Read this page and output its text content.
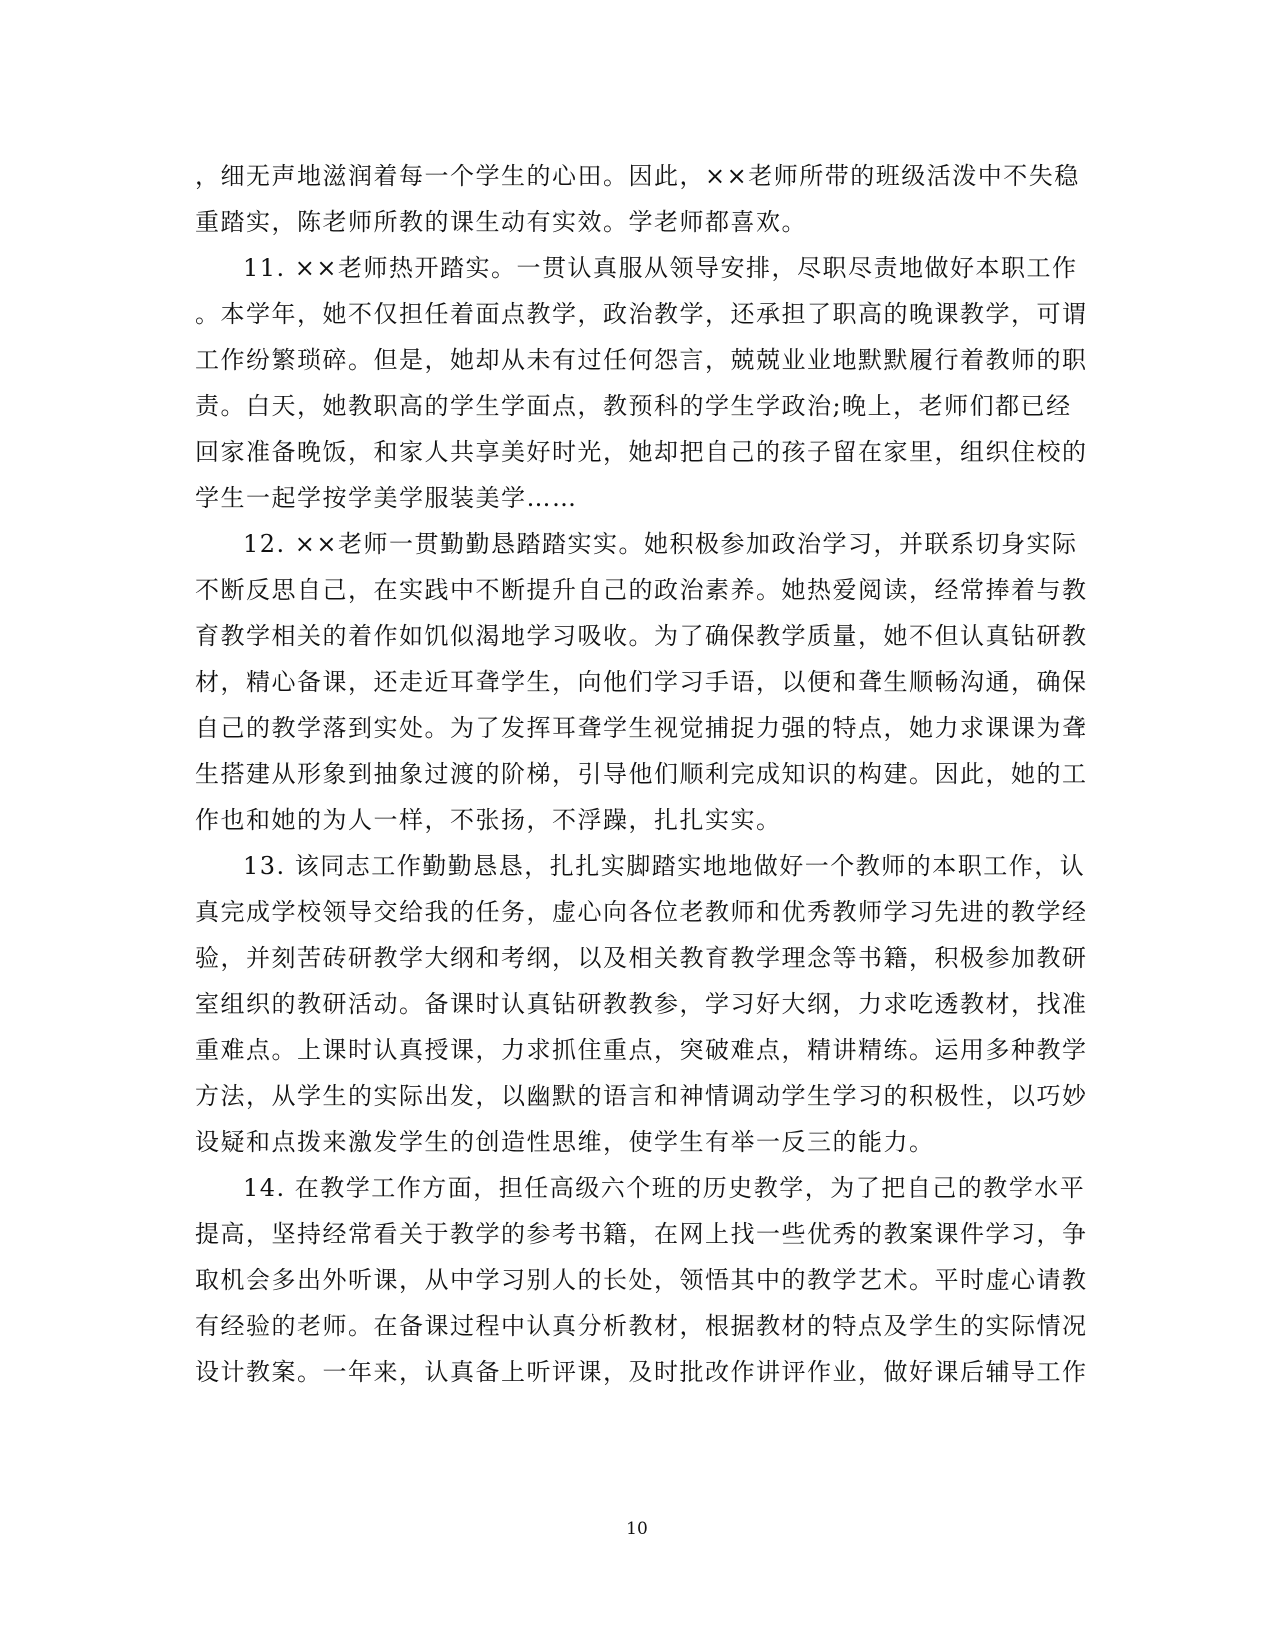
，细无声地滋润着每一个学生的心田。因此，××老师所带的班级活泼中不失稳
重踏实，陈老师所教的课生动有实效。学老师都喜欢。
11. ××老师热开踏实。一贯认真服从领导安排，尽职尽责地做好本职工作
。本学年，她不仅担任着面点教学，政治教学，还承担了职高的晚课教学，可谓
工作纷繁琐碎。但是，她却从未有过任何怨言，兢兢业业地默默履行着教师的职
责。白天，她教职高的学生学面点，教预科的学生学政治;晚上，老师们都已经
回家准备晚饭，和家人共享美好时光，她却把自己的孩子留在家里，组织住校的
学生一起学按学美学服装美学……
12. ××老师一贯勤勤恳踏踏实实。她积极参加政治学习，并联系切身实际
不断反思自己，在实践中不断提升自己的政治素养。她热爱阅读，经常捧着与教
育教学相关的着作如饥似渴地学习吸收。为了确保教学质量，她不但认真钻研教
材，精心备课，还走近耳聋学生，向他们学习手语，以便和聋生顺畅沟通，确保
自己的教学落到实处。为了发挥耳聋学生视觉捕捉力强的特点，她力求课课为聋
生搭建从形象到抽象过渡的阶梯，引导他们顺利完成知识的构建。因此，她的工
作也和她的为人一样，不张扬，不浮躁，扎扎实实。
13. 该同志工作勤勤恳恳，扎扎实脚踏实地地做好一个教师的本职工作，认
真完成学校领导交给我的任务，虚心向各位老教师和优秀教师学习先进的教学经
验，并刻苦砖研教学大纲和考纲，以及相关教育教学理念等书籍，积极参加教研
室组织的教研活动。备课时认真钻研教教参，学习好大纲，力求吃透教材，找准
重难点。上课时认真授课，力求抓住重点，突破难点，精讲精练。运用多种教学
方法，从学生的实际出发，以幽默的语言和神情调动学生学习的积极性，以巧妙
设疑和点拨来激发学生的创造性思维，使学生有举一反三的能力。
14. 在教学工作方面，担任高级六个班的历史教学，为了把自己的教学水平
提高，坚持经常看关于教学的参考书籍，在网上找一些优秀的教案课件学习，争
取机会多出外听课，从中学习别人的长处，领悟其中的教学艺术。平时虚心请教
有经验的老师。在备课过程中认真分析教材，根据教材的特点及学生的实际情况
设计教案。一年来，认真备上听评课，及时批改作讲评作业，做好课后辅导工作
10
